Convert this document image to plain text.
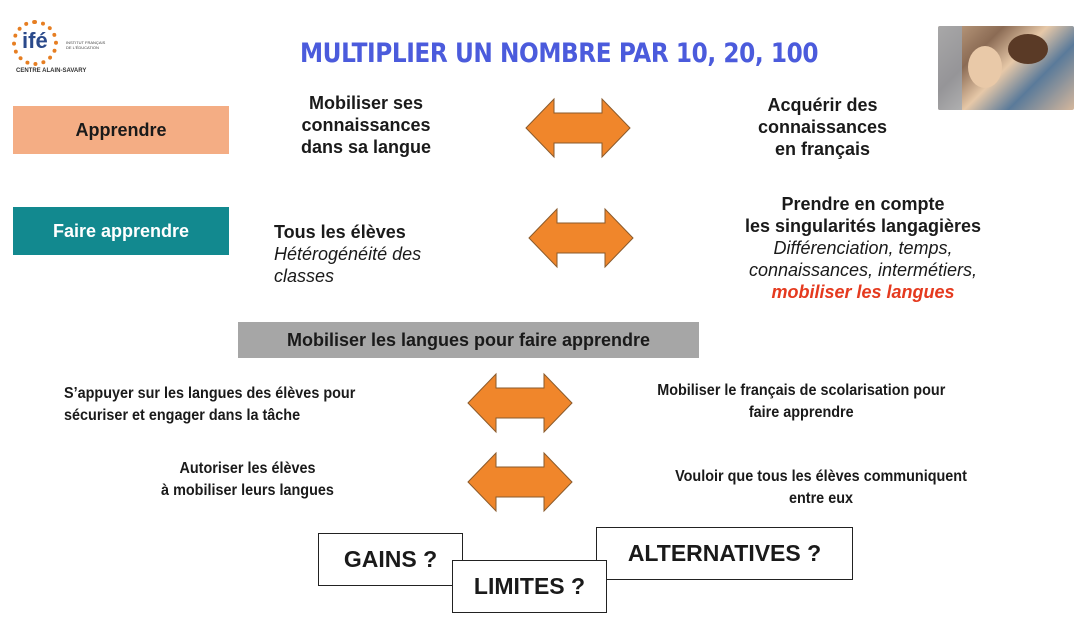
ifé	INSTITUT FRANÇAIS DE L'ÉDUCATION
CENTRE ALAIN-SAVARY
MULTIPLIER UN NOMBRE PAR 10, 20, 100
Apprendre
Mobiliser ses
connaissances
dans sa langue
Acquérir des
connaissances
en français
Faire apprendre	Tous les élèves
Hétérogénéité des
classes
Prendre en compte
les singularités langagières
Différenciation, temps,
connaissances, intermétiers,
mobiliser les langues
Mobiliser les langues pour faire apprendre
S’appuyer sur les langues des élèves pour
sécuriser et engager dans la tâche
Mobiliser le français de scolarisation pour
faire apprendre
Autoriser les élèves
à mobiliser leurs langues
Vouloir que tous les élèves communiquent
entre eux
GAINS ?	ALTERNATIVES ?
LIMITES ?
